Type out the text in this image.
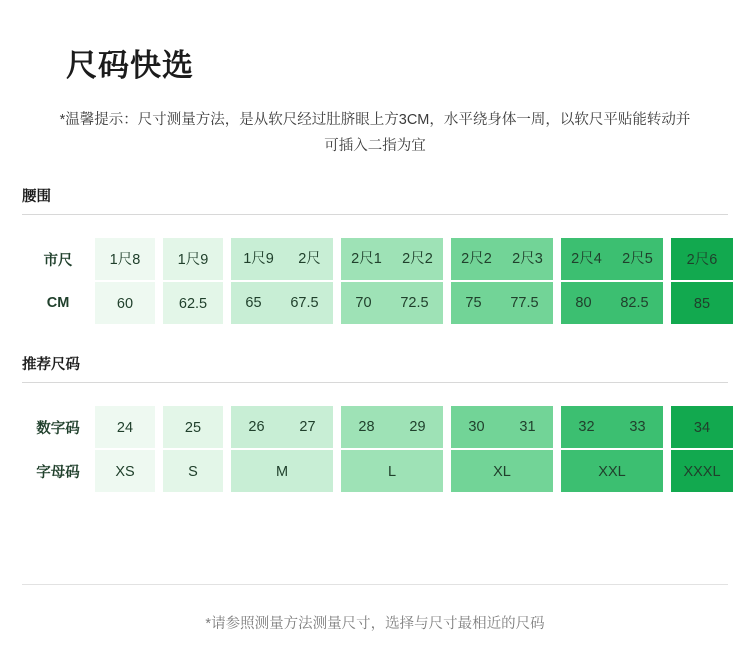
尺码快选
*温馨提示：尺寸测量方法，是从软尺经过肚脐眼上方3CM，水平绕身体一周，以软尺平贴能转动并可插入二指为宜
腰围
市尺	1尺8		1尺9		1尺9 2尺		2尺1 2尺2		2尺2 2尺3		2尺4 2尺5		2尺6

CM	60		62.5		65 67.5		70 72.5		75 77.5		80 82.5		85
推荐尺码
数字码	24		25		26 27		28 29		30 31		32 33		34

字母码	XS		S		M		L		XL		XXL		XXXL
*请参照测量方法测量尺寸，选择与尺寸最相近的尺码
